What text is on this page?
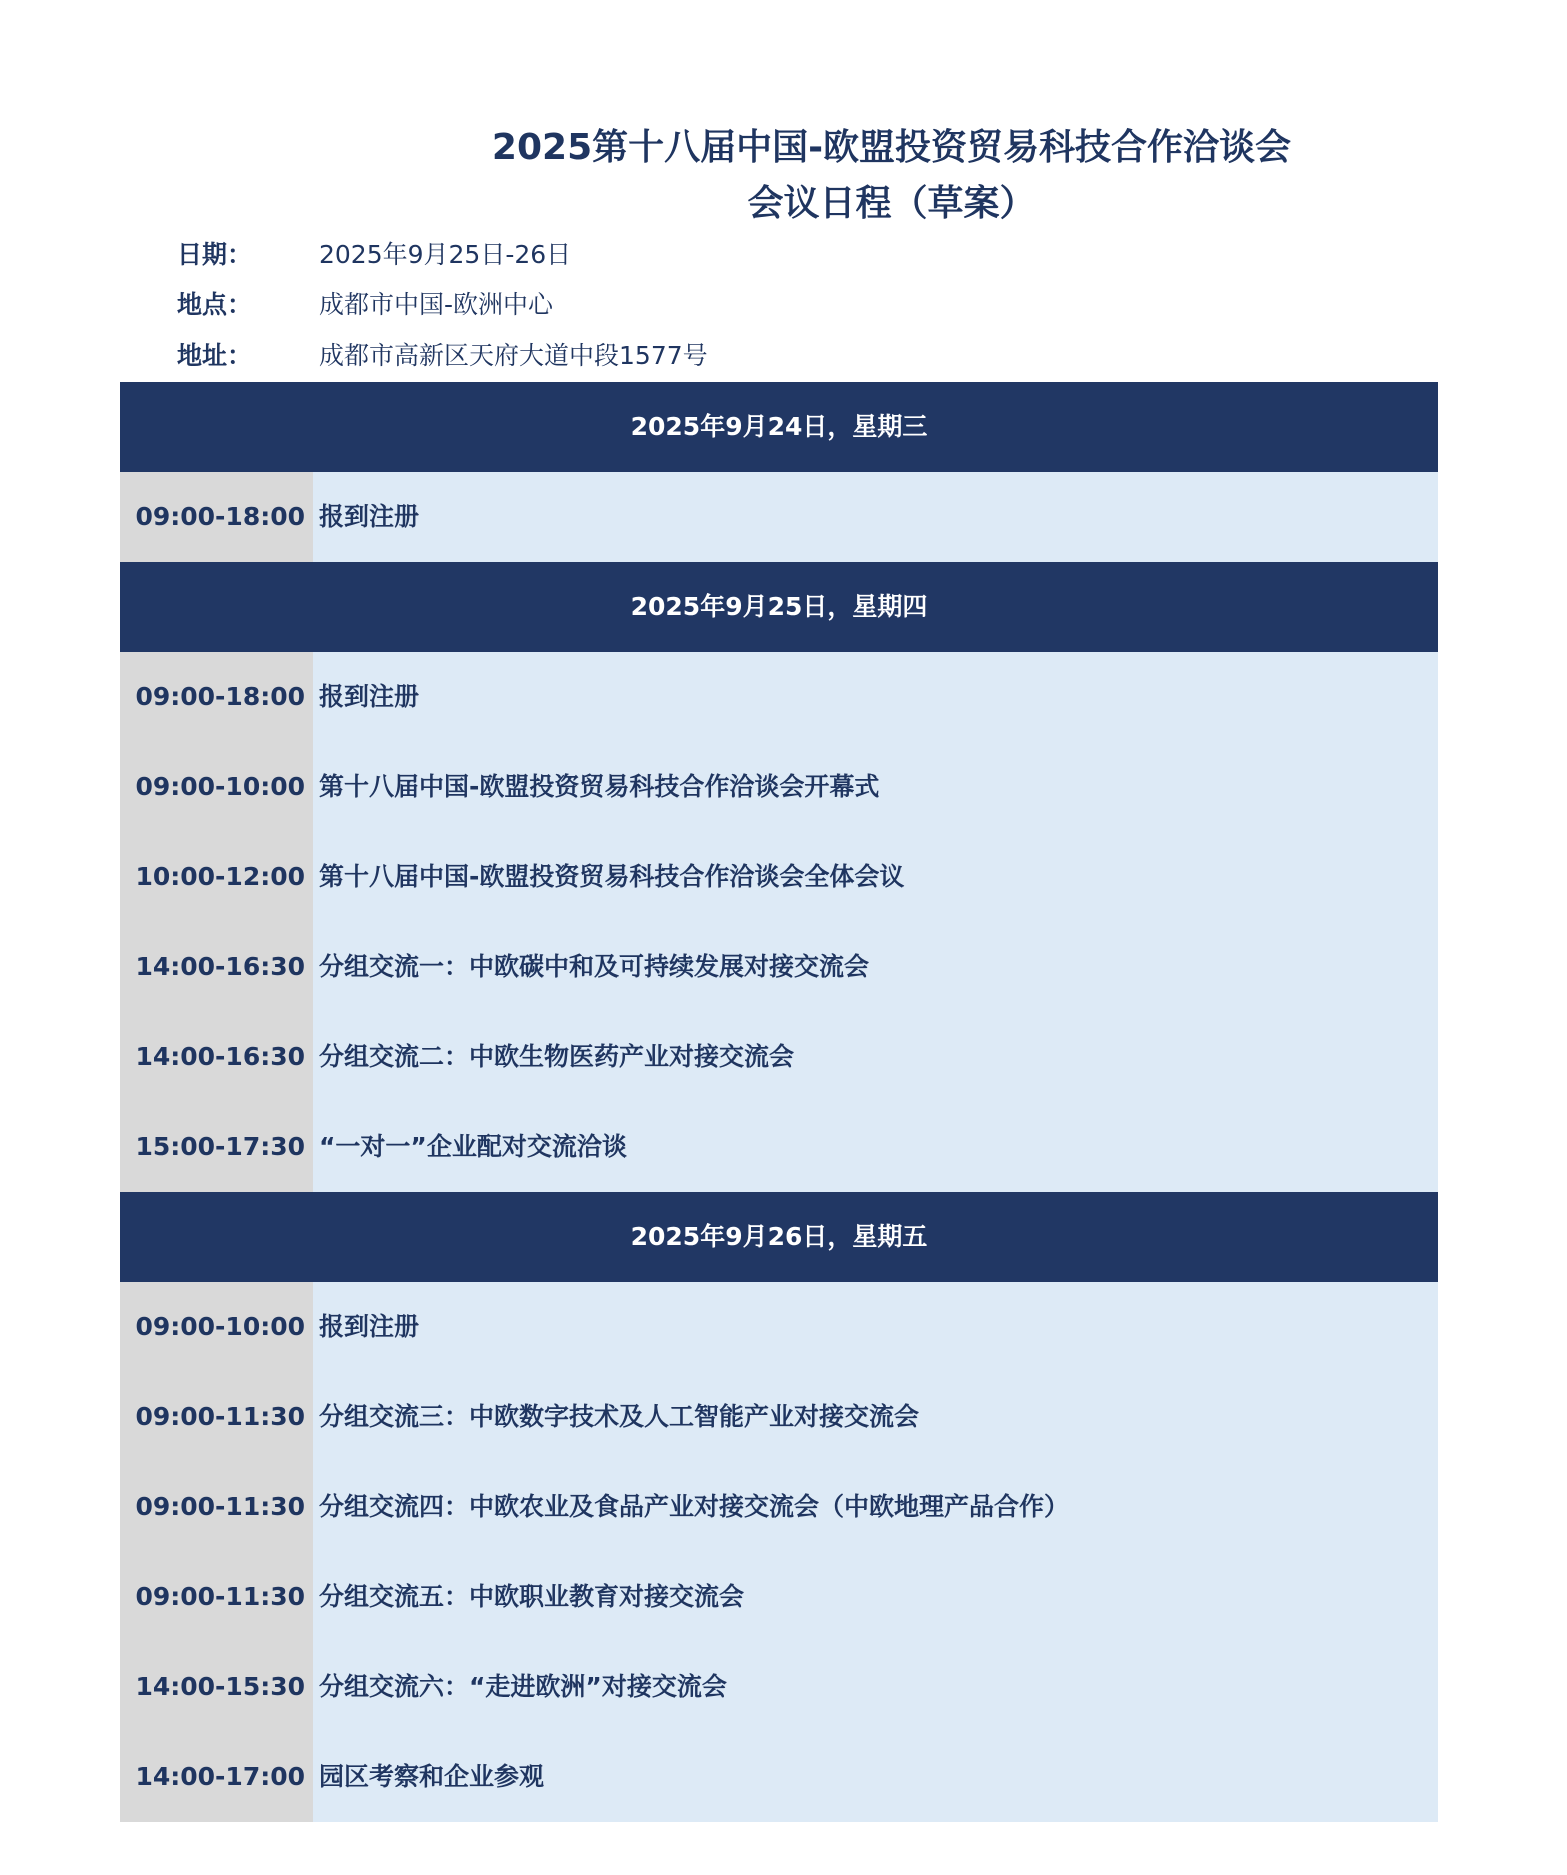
2025第十八届中国-欧盟投资贸易科技合作洽谈会
会议日程（草案）
日期：	2025年9月25日-26日
地点：	成都市中国-欧洲中心
地址：	成都市高新区天府大道中段1577号
2025年9月24日，星期三
09:00-18:00 报到注册
2025年9月25日，星期四
09:00-18:00 报到注册
09:00-10:00 第十八届中国-欧盟投资贸易科技合作洽谈会开幕式
10:00-12:00 第十八届中国-欧盟投资贸易科技合作洽谈会全体会议
14:00-16:30 分组交流一：中欧碳中和及可持续发展对接交流会
14:00-16:30 分组交流二：中欧生物医药产业对接交流会
15:00-17:30 “一对一”企业配对交流洽谈
2025年9月26日，星期五
09:00-10:00 报到注册
09:00-11:30 分组交流三：中欧数字技术及人工智能产业对接交流会
09:00-11:30 分组交流四：中欧农业及食品产业对接交流会（中欧地理产品合作）
09:00-11:30 分组交流五：中欧职业教育对接交流会
14:00-15:30 分组交流六：“走进欧洲”对接交流会
14:00-17:00 园区考察和企业参观
